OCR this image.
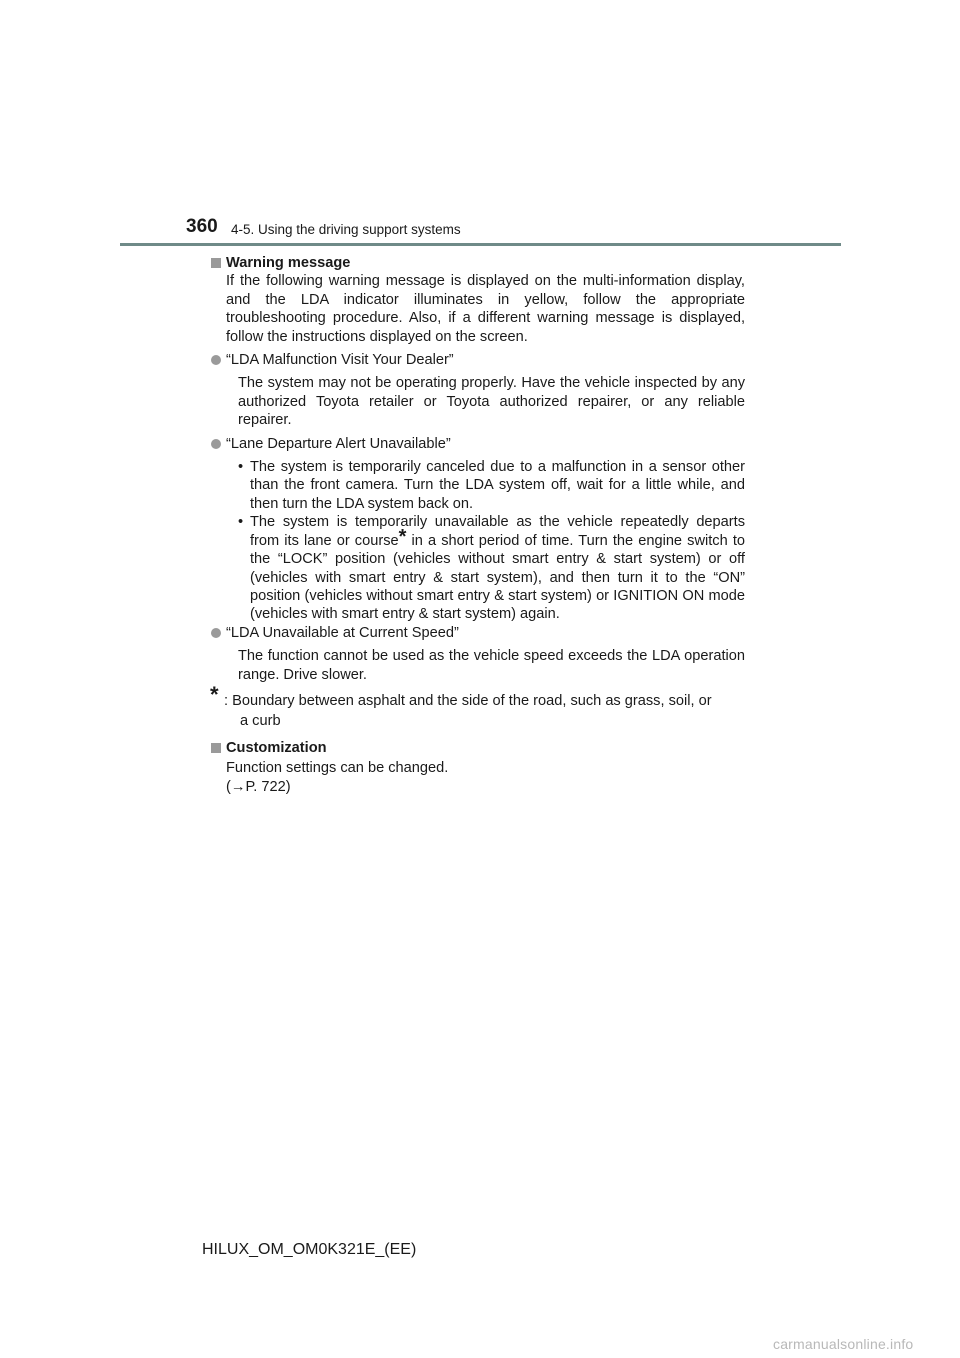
360 4-5. Using the driving support systems

Warning message

If the following warning message is displayed on the multi-information display, and the LDA indicator illuminates in yellow, follow the appropriate troubleshooting procedure. Also, if a different warning message is displayed, follow the instructions displayed on the screen.

“LDA Malfunction Visit Your Dealer”

The system may not be operating properly. Have the vehicle inspected by any authorized Toyota retailer or Toyota authorized repairer, or any reliable repairer.

“Lane Departure Alert Unavailable”

• The system is temporarily canceled due to a malfunction in a sensor other than the front camera. Turn the LDA system off, wait for a little while, and then turn the LDA system back on.

• The system is temporarily unavailable as the vehicle repeatedly departs from its lane or course* in a short period of time. Turn the engine switch to the “LOCK” position (vehicles without smart entry & start system) or off (vehicles with smart entry & start system), and then turn it to the “ON” position (vehicles without smart entry & start system) or IGNITION ON mode (vehicles with smart entry & start system) again.

“LDA Unavailable at Current Speed”

The function cannot be used as the vehicle speed exceeds the LDA operation range. Drive slower.

* : Boundary between asphalt and the side of the road, such as grass, soil, or

a curb

Customization

Function settings can be changed.

(→P. 722)

HILUX_OM_OM0K321E_(EE)
carmanualsonline.info
